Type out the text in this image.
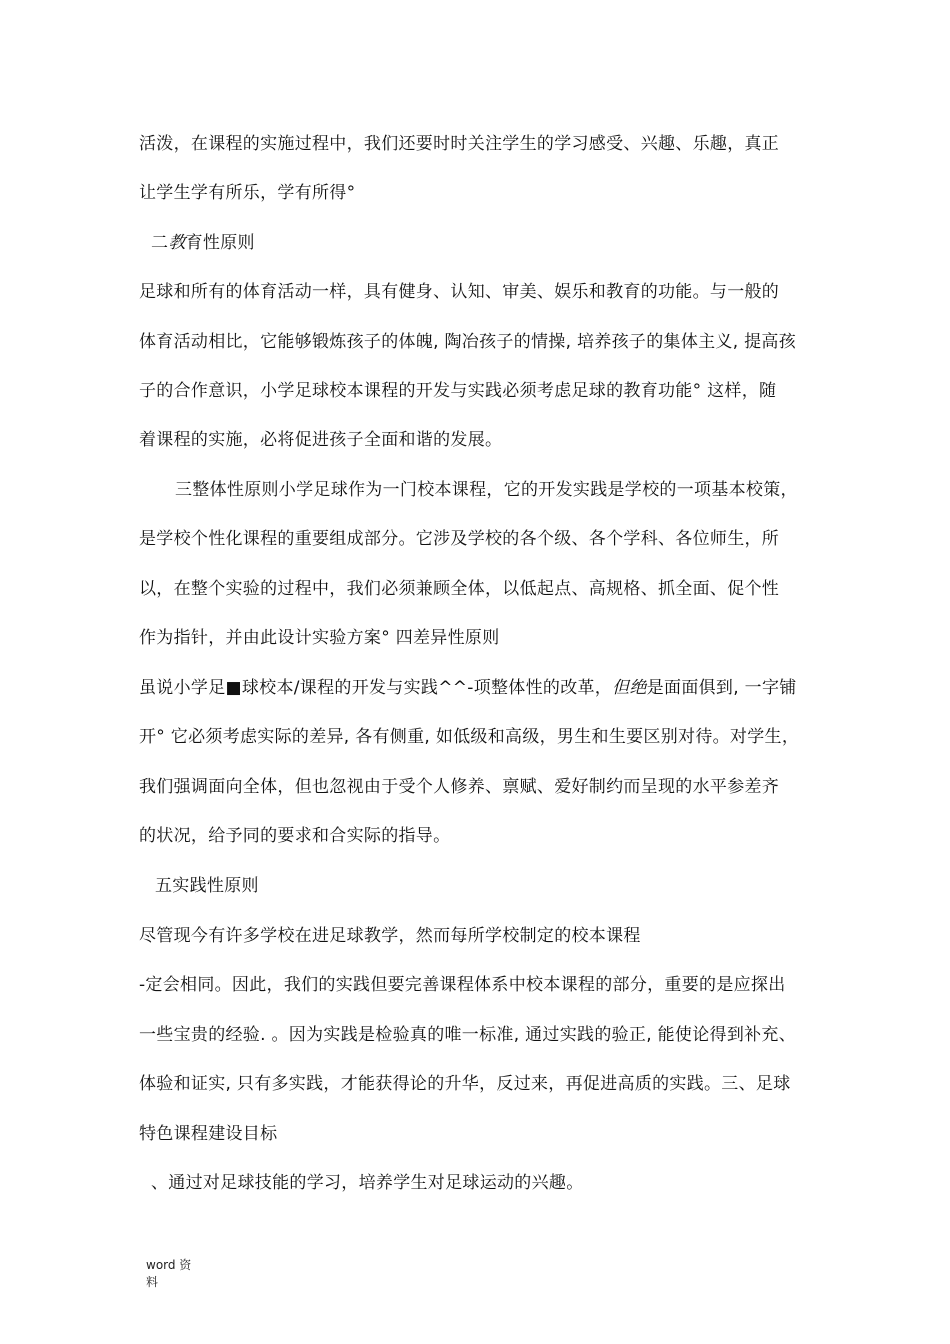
活泼，在课程的实施过程中，我们还要时时关注学生的学习感受、兴趣、乐趣，真正
让学生学有所乐，学有所得°
二教育性原则
足球和所有的体育活动一样，具有健身、认知、审美、娱乐和教育的功能。与一般的
体育活动相比，它能够锻炼孩子的体魄, 陶冶孩子的情操, 培养孩子的集体主义, 提高孩
子的合作意识，小学足球校本课程的开发与实践必须考虑足球的教育功能° 这样，随
着课程的实施，必将促进孩子全面和谐的发展。
三整体性原则小学足球作为一门校本课程，它的开发实践是学校的一项基本校策，
是学校个性化课程的重要组成部分。它涉及学校的各个级、各个学科、各位师生，所
以，在整个实验的过程中，我们必须兼顾全体，以低起点、高规格、抓全面、促个性
作为指针，并由此设计实验方案° 四差异性原则
虽说小学足■球校本/课程的开发与实践^^-项整体性的改革，但绝是面面俱到, 一字铺
开° 它必须考虑实际的差异, 各有侧重, 如低级和高级，男生和生要区别对待。对学生，
我们强调面向全体，但也忽视由于受个人修养、禀赋、爱好制约而呈现的水平参差齐
的状况，给予同的要求和合实际的指导。
五实践性原则
尽管现今有许多学校在进足球教学，然而每所学校制定的校本课程
-定会相同。因此，我们的实践但要完善课程体系中校本课程的部分，重要的是应探出
一些宝贵的经验. 。因为实践是检验真的唯一标准, 通过实践的验正, 能使论得到补充、
体验和证实, 只有多实践，才能获得论的升华，反过来，再促进高质的实践。三、足球
特色课程建设目标
、通过对足球技能的学习，培养学生对足球运动的兴趣。
word 资
料
